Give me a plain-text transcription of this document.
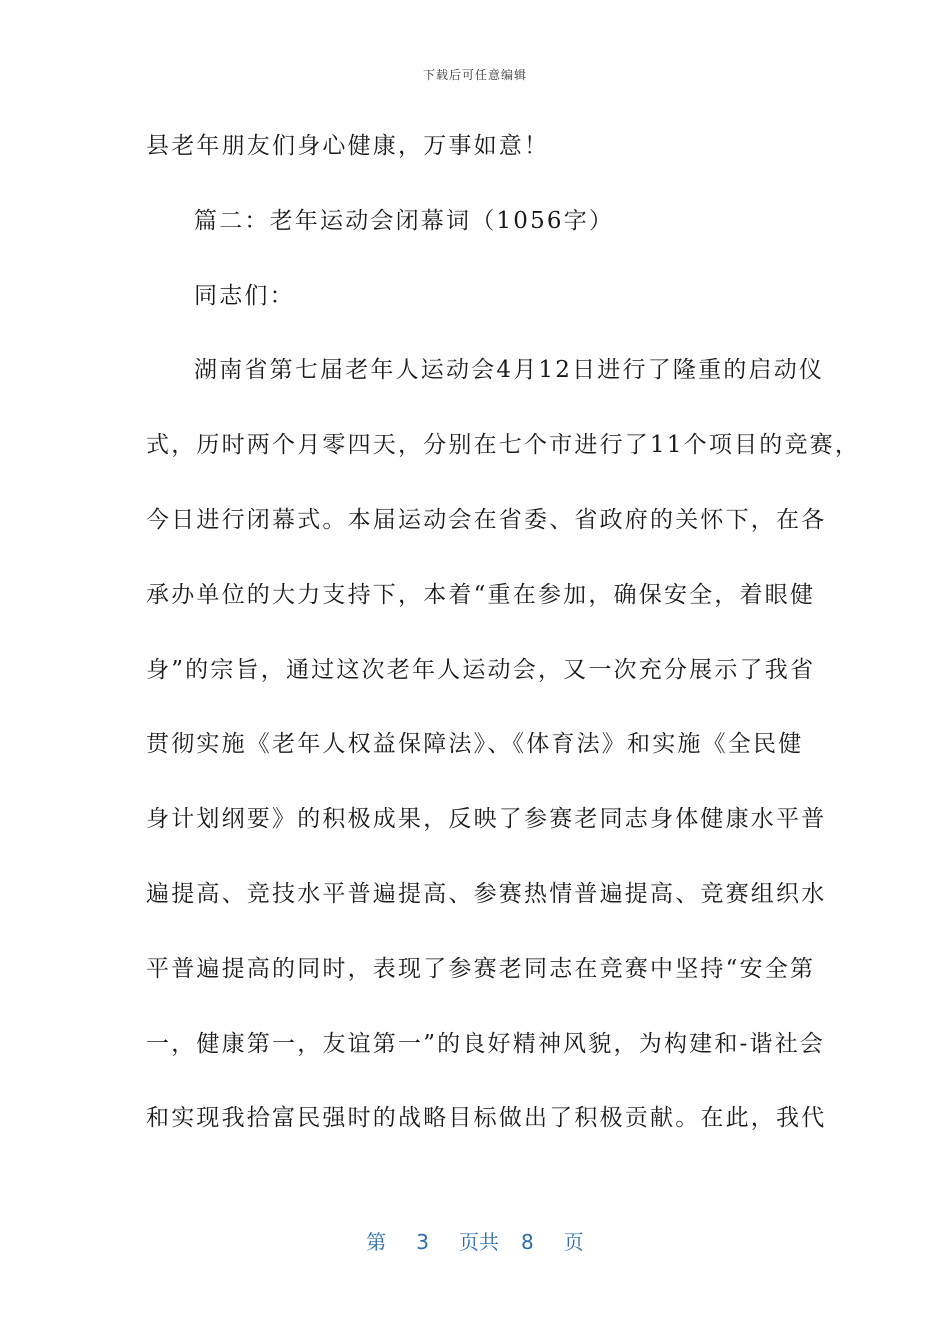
下载后可任意编辑
县老年朋友们身心健康，万事如意！
篇二：老年运动会闭幕词（1056字）
同志们：
湖南省第七届老年人运动会4月12日进行了隆重的启动仪
式，历时两个月零四天，分别在七个市进行了11个项目的竞赛，
今日进行闭幕式。本届运动会在省委、省政府的关怀下，在各
承办单位的大力支持下，本着“重在参加，确保安全，着眼健
身”的宗旨，通过这次老年人运动会，又一次充分展示了我省
贯彻实施《老年人权益保障法》、《体育法》和实施《全民健
身计划纲要》的积极成果，反映了参赛老同志身体健康水平普
遍提高、竞技水平普遍提高、参赛热情普遍提高、竞赛组织水
平普遍提高的同时，表现了参赛老同志在竞赛中坚持“安全第
一，健康第一，友谊第一”的良好精神风貌，为构建和-谐社会
和实现我拾富民强时的战略目标做出了积极贡献。在此，我代
第 3 页共 8 页
